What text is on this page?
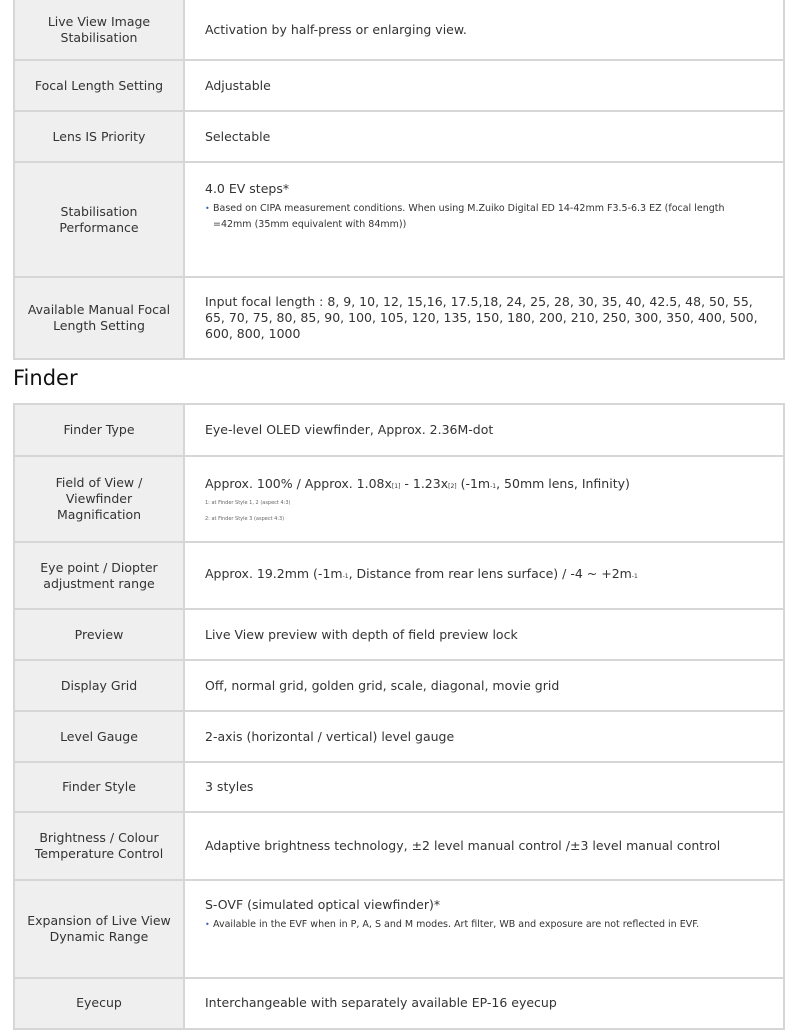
Live View Image Stabilisation	Activation by half-press or enlarging view.
Focal Length Setting	Adjustable
Lens IS Priority	Selectable
Stabilisation Performance	4.0 EV steps*
• Based on CIPA measurement conditions. When using M.Zuiko Digital ED 14-42mm F3.5-6.3 EZ (focal length =42mm (35mm equivalent with 84mm))

Available Manual Focal Length Setting	Input focal length : 8, 9, 10, 12, 15,16, 17.5,18, 24, 25, 28, 30, 35, 40, 42.5, 48, 50, 55, 65, 70, 75, 80, 85, 90, 100, 105, 120, 135, 150, 180, 200, 210, 250, 300, 350, 400, 500, 600, 800, 1000
Finder
Finder Type	Eye-level OLED viewfinder, Approx. 2.36M-dot
Field of View / Viewfinder Magnification	Approx. 100% / Approx. 1.08x[1] - 1.23x[2] (-1m-1, 50mm lens, Infinity)
1: at Finder Style 1, 2 (aspect 4:3)
2: at Finder Style 3 (aspect 4:3)

Eye point / Diopter adjustment range	Approx. 19.2mm (-1m-1, Distance from rear lens surface) / -4 ~ +2m-1
Preview	Live View preview with depth of field preview lock
Display Grid	Off, normal grid, golden grid, scale, diagonal, movie grid
Level Gauge	2-axis (horizontal / vertical) level gauge
Finder Style	3 styles
Brightness / Colour Temperature Control	Adaptive brightness technology, ±2 level manual control /±3 level manual control
Expansion of Live View Dynamic Range	S-OVF (simulated optical viewfinder)*
• Available in the EVF when in P, A, S and M modes. Art filter, WB and exposure are not reflected in EVF.

Eyecup	Interchangeable with separately available EP-16 eyecup
